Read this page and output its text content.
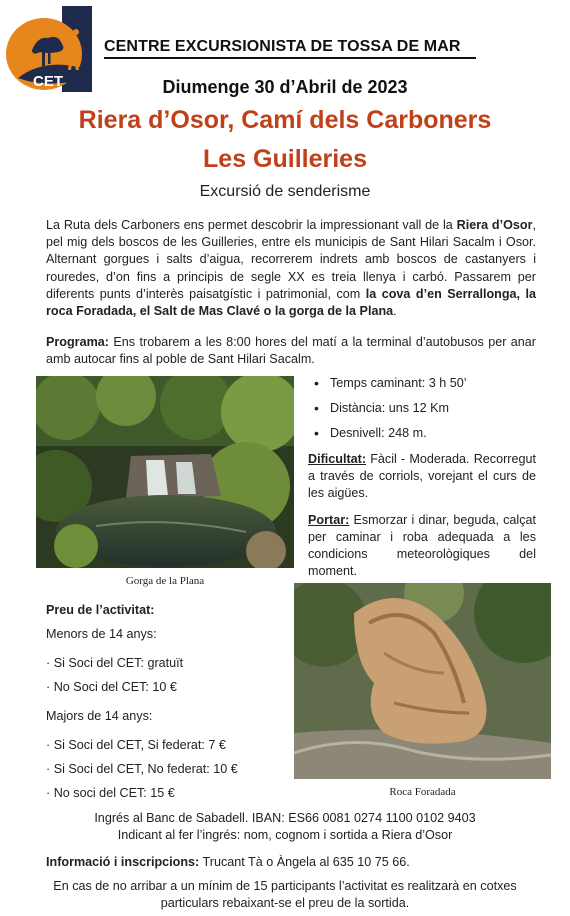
CET
CENTRE EXCURSIONISTA DE TOSSA DE MAR
Diumenge 30 d’Abril de 2023
Riera d’Osor, Camí dels Carboners
Les Guilleries
Excursió de senderisme
La Ruta dels Carboners ens permet descobrir la impressionant vall de la Riera d’Osor, pel mig dels boscos de les Guilleries, entre els municipis de Sant Hilari Sacalm i Osor. Alternant gorgues i salts d’aigua, recorrerem indrets amb boscos de castanyers i rouredes, d’on fins a principis de segle XX es treia llenya i carbó. Passarem per diferents punts d’interès paisatgístic i patrimonial, com la cova d’en Serrallonga, la roca Foradada, el Salt de Mas Clavé o la gorga de la Plana.
Programa: Ens trobarem a les 8:00 hores del matí a la terminal d’autobusos per anar amb autocar fins al poble de Sant Hilari Sacalm.
Gorga de la Plana
• Temps caminant: 3 h 50’
• Distància: uns 12 Km
• Desnivell: 248 m.
Dificultat: Fàcil - Moderada. Recorregut a través de corriols, vorejant el curs de les aigües.
Portar: Esmorzar i dinar, beguda, calçat per caminar i roba adequada a les condicions meteorològiques del moment.
Roca Foradada
Preu de l’activitat:
Menors de 14 anys:
· Si Soci del CET: gratuït
· No Soci del CET: 10 €
Majors de 14 anys:
· Si Soci del CET, Si federat: 7 €
· Si Soci del CET, No federat: 10 €
· No soci del CET: 15 €
Ingrés al Banc de Sabadell. IBAN: ES66 0081 0274 1100 0102 9403
Indicant al fer l’ingrés: nom, cognom i sortida a Riera d’Osor
Informació i inscripcions: Trucant Tà o Àngela al 635 10 75 66.
En cas de no arribar a un mínim de 15 participants l’activitat es realitzarà en cotxes particulars rebaixant-se el preu de la sortida.
